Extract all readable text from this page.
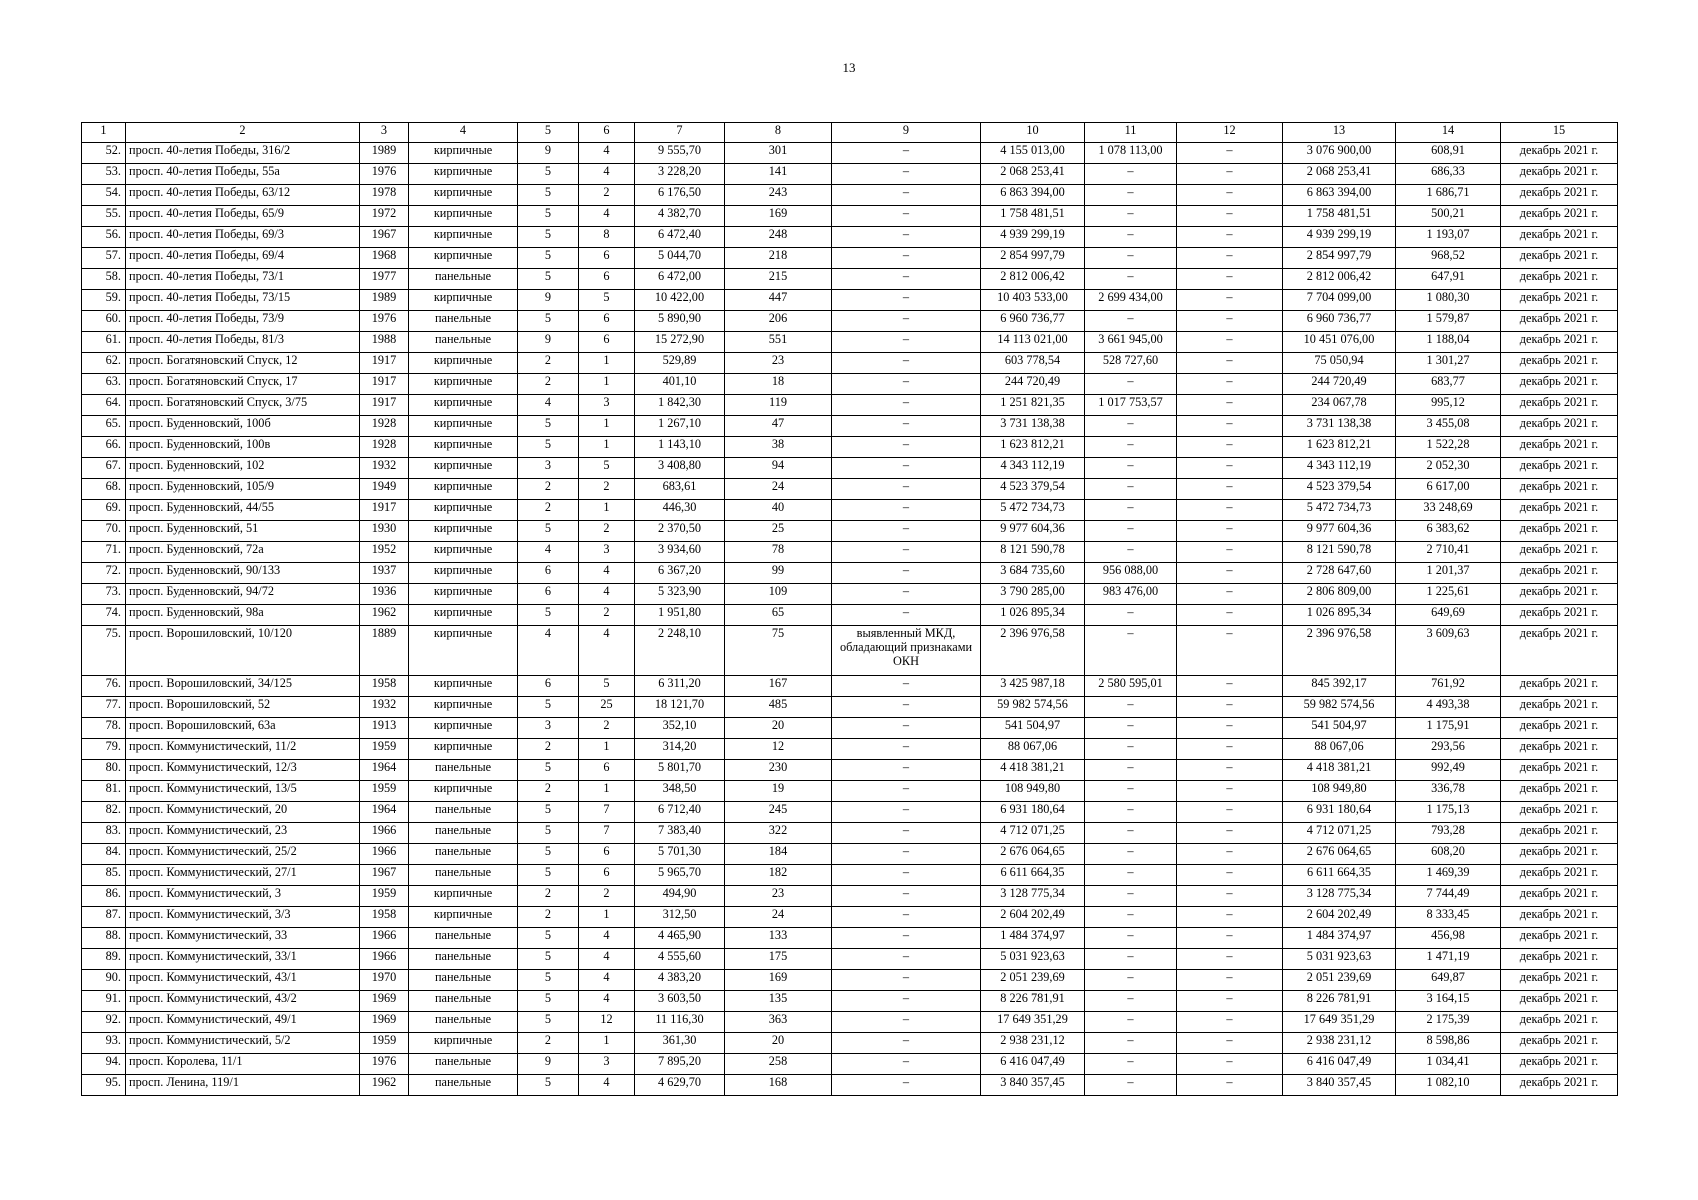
13
1	2	3	4	5	6	7	8	9	10	11	12	13	14	15
52.	просп. 40-летия Победы, 316/2	1989	кирпичные	9	4	9 555,70	301	–	4 155 013,00	1 078 113,00	–	3 076 900,00	608,91	декабрь 2021 г.
53.	просп. 40-летия Победы, 55а	1976	кирпичные	5	4	3 228,20	141	–	2 068 253,41	–	–	2 068 253,41	686,33	декабрь 2021 г.
54.	просп. 40-летия Победы, 63/12	1978	кирпичные	5	2	6 176,50	243	–	6 863 394,00	–	–	6 863 394,00	1 686,71	декабрь 2021 г.
55.	просп. 40-летия Победы, 65/9	1972	кирпичные	5	4	4 382,70	169	–	1 758 481,51	–	–	1 758 481,51	500,21	декабрь 2021 г.
56.	просп. 40-летия Победы, 69/3	1967	кирпичные	5	8	6 472,40	248	–	4 939 299,19	–	–	4 939 299,19	1 193,07	декабрь 2021 г.
57.	просп. 40-летия Победы, 69/4	1968	кирпичные	5	6	5 044,70	218	–	2 854 997,79	–	–	2 854 997,79	968,52	декабрь 2021 г.
58.	просп. 40-летия Победы, 73/1	1977	панельные	5	6	6 472,00	215	–	2 812 006,42	–	–	2 812 006,42	647,91	декабрь 2021 г.
59.	просп. 40-летия Победы, 73/15	1989	кирпичные	9	5	10 422,00	447	–	10 403 533,00	2 699 434,00	–	7 704 099,00	1 080,30	декабрь 2021 г.
60.	просп. 40-летия Победы, 73/9	1976	панельные	5	6	5 890,90	206	–	6 960 736,77	–	–	6 960 736,77	1 579,87	декабрь 2021 г.
61.	просп. 40-летия Победы, 81/3	1988	панельные	9	6	15 272,90	551	–	14 113 021,00	3 661 945,00	–	10 451 076,00	1 188,04	декабрь 2021 г.
62.	просп. Богатяновский Спуск, 12	1917	кирпичные	2	1	529,89	23	–	603 778,54	528 727,60	–	75 050,94	1 301,27	декабрь 2021 г.
63.	просп. Богатяновский Спуск, 17	1917	кирпичные	2	1	401,10	18	–	244 720,49	–	–	244 720,49	683,77	декабрь 2021 г.
64.	просп. Богатяновский Спуск, 3/75	1917	кирпичные	4	3	1 842,30	119	–	1 251 821,35	1 017 753,57	–	234 067,78	995,12	декабрь 2021 г.
65.	просп. Буденновский, 100б	1928	кирпичные	5	1	1 267,10	47	–	3 731 138,38	–	–	3 731 138,38	3 455,08	декабрь 2021 г.
66.	просп. Буденновский, 100в	1928	кирпичные	5	1	1 143,10	38	–	1 623 812,21	–	–	1 623 812,21	1 522,28	декабрь 2021 г.
67.	просп. Буденновский, 102	1932	кирпичные	3	5	3 408,80	94	–	4 343 112,19	–	–	4 343 112,19	2 052,30	декабрь 2021 г.
68.	просп. Буденновский, 105/9	1949	кирпичные	2	2	683,61	24	–	4 523 379,54	–	–	4 523 379,54	6 617,00	декабрь 2021 г.
69.	просп. Буденновский, 44/55	1917	кирпичные	2	1	446,30	40	–	5 472 734,73	–	–	5 472 734,73	33 248,69	декабрь 2021 г.
70.	просп. Буденновский, 51	1930	кирпичные	5	2	2 370,50	25	–	9 977 604,36	–	–	9 977 604,36	6 383,62	декабрь 2021 г.
71.	просп. Буденновский, 72а	1952	кирпичные	4	3	3 934,60	78	–	8 121 590,78	–	–	8 121 590,78	2 710,41	декабрь 2021 г.
72.	просп. Буденновский, 90/133	1937	кирпичные	6	4	6 367,20	99	–	3 684 735,60	956 088,00	–	2 728 647,60	1 201,37	декабрь 2021 г.
73.	просп. Буденновский, 94/72	1936	кирпичные	6	4	5 323,90	109	–	3 790 285,00	983 476,00	–	2 806 809,00	1 225,61	декабрь 2021 г.
74.	просп. Буденновский, 98а	1962	кирпичные	5	2	1 951,80	65	–	1 026 895,34	–	–	1 026 895,34	649,69	декабрь 2021 г.
75.	просп. Ворошиловский, 10/120	1889	кирпичные	4	4	2 248,10	75	выявленный МКД, обладающий признаками ОКН	2 396 976,58	–	–	2 396 976,58	3 609,63	декабрь 2021 г.
76.	просп. Ворошиловский, 34/125	1958	кирпичные	6	5	6 311,20	167	–	3 425 987,18	2 580 595,01	–	845 392,17	761,92	декабрь 2021 г.
77.	просп. Ворошиловский, 52	1932	кирпичные	5	25	18 121,70	485	–	59 982 574,56	–	–	59 982 574,56	4 493,38	декабрь 2021 г.
78.	просп. Ворошиловский, 63а	1913	кирпичные	3	2	352,10	20	–	541 504,97	–	–	541 504,97	1 175,91	декабрь 2021 г.
79.	просп. Коммунистический, 11/2	1959	кирпичные	2	1	314,20	12	–	88 067,06	–	–	88 067,06	293,56	декабрь 2021 г.
80.	просп. Коммунистический, 12/3	1964	панельные	5	6	5 801,70	230	–	4 418 381,21	–	–	4 418 381,21	992,49	декабрь 2021 г.
81.	просп. Коммунистический, 13/5	1959	кирпичные	2	1	348,50	19	–	108 949,80	–	–	108 949,80	336,78	декабрь 2021 г.
82.	просп. Коммунистический, 20	1964	панельные	5	7	6 712,40	245	–	6 931 180,64	–	–	6 931 180,64	1 175,13	декабрь 2021 г.
83.	просп. Коммунистический, 23	1966	панельные	5	7	7 383,40	322	–	4 712 071,25	–	–	4 712 071,25	793,28	декабрь 2021 г.
84.	просп. Коммунистический, 25/2	1966	панельные	5	6	5 701,30	184	–	2 676 064,65	–	–	2 676 064,65	608,20	декабрь 2021 г.
85.	просп. Коммунистический, 27/1	1967	панельные	5	6	5 965,70	182	–	6 611 664,35	–	–	6 611 664,35	1 469,39	декабрь 2021 г.
86.	просп. Коммунистический, 3	1959	кирпичные	2	2	494,90	23	–	3 128 775,34	–	–	3 128 775,34	7 744,49	декабрь 2021 г.
87.	просп. Коммунистический, 3/3	1958	кирпичные	2	1	312,50	24	–	2 604 202,49	–	–	2 604 202,49	8 333,45	декабрь 2021 г.
88.	просп. Коммунистический, 33	1966	панельные	5	4	4 465,90	133	–	1 484 374,97	–	–	1 484 374,97	456,98	декабрь 2021 г.
89.	просп. Коммунистический, 33/1	1966	панельные	5	4	4 555,60	175	–	5 031 923,63	–	–	5 031 923,63	1 471,19	декабрь 2021 г.
90.	просп. Коммунистический, 43/1	1970	панельные	5	4	4 383,20	169	–	2 051 239,69	–	–	2 051 239,69	649,87	декабрь 2021 г.
91.	просп. Коммунистический, 43/2	1969	панельные	5	4	3 603,50	135	–	8 226 781,91	–	–	8 226 781,91	3 164,15	декабрь 2021 г.
92.	просп. Коммунистический, 49/1	1969	панельные	5	12	11 116,30	363	–	17 649 351,29	–	–	17 649 351,29	2 175,39	декабрь 2021 г.
93.	просп. Коммунистический, 5/2	1959	кирпичные	2	1	361,30	20	–	2 938 231,12	–	–	2 938 231,12	8 598,86	декабрь 2021 г.
94.	просп. Королева, 11/1	1976	панельные	9	3	7 895,20	258	–	6 416 047,49	–	–	6 416 047,49	1 034,41	декабрь 2021 г.
95.	просп. Ленина, 119/1	1962	панельные	5	4	4 629,70	168	–	3 840 357,45	–	–	3 840 357,45	1 082,10	декабрь 2021 г.
